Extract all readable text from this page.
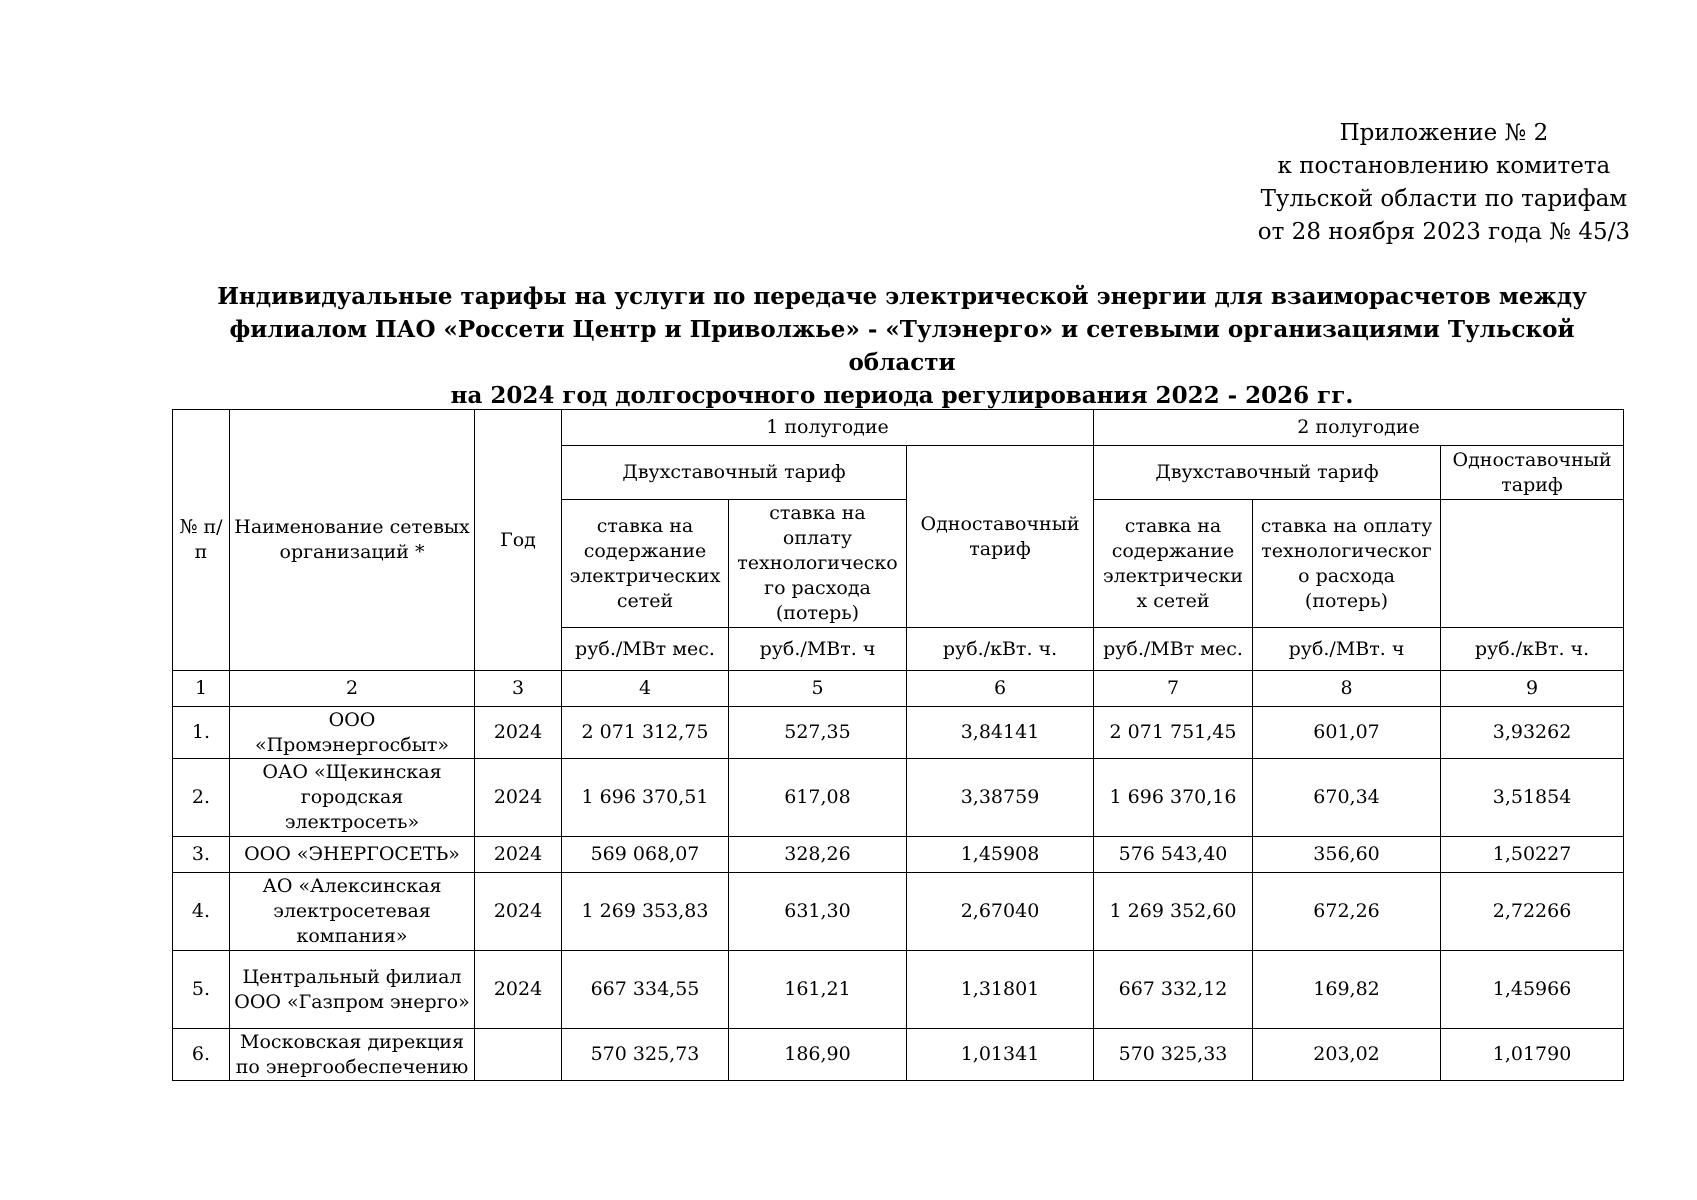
Приложение № 2
к постановлению комитета
Тульской области по тарифам
от 28 ноября 2023 года № 45/3
Индивидуальные тарифы на услуги по передаче электрической энергии для взаиморасчетов между
филиалом ПАО «Россети Центр и Приволжье» - «Тулэнерго» и сетевыми организациями Тульской области
на 2024 год долгосрочного периода регулирования 2022 - 2026 гг.
№ п/п	Наименование сетевых организаций *	Год	1 полугодие			2 полугодие		
			Двухставочный тариф		Одноставочный тариф	Двухставочный тариф		Одноставочный тариф
			ставка на содержание электрических сетей	ставка на оплату технологическо го расхода (потерь)		ставка на содержание электрически х сетей	ставка на оплату технологическог о расхода (потерь)	
			руб./МВт мес.	руб./МВт. ч	руб./кВт. ч.	руб./МВт мес.	руб./МВт. ч	руб./кВт. ч.
1	2	3	4	5	6	7	8	9
1.	ООО «Промэнергосбыт»	2024	2 071 312,75	527,35	3,84141	2 071 751,45	601,07	3,93262
2.	ОАО «Щекинская городская электросеть»	2024	1 696 370,51	617,08	3,38759	1 696 370,16	670,34	3,51854
3.	ООО «ЭНЕРГОСЕТЬ»	2024	569 068,07	328,26	1,45908	576 543,40	356,60	1,50227
4.	АО «Алексинская электросетевая компания»	2024	1 269 353,83	631,30	2,67040	1 269 352,60	672,26	2,72266
5.	Центральный филиал ООО «Газпром энерго»	2024	667 334,55	161,21	1,31801	667 332,12	169,82	1,45966
6.	Московская дирекция по энергообеспечению		570 325,73	186,90	1,01341	570 325,33	203,02	1,01790
